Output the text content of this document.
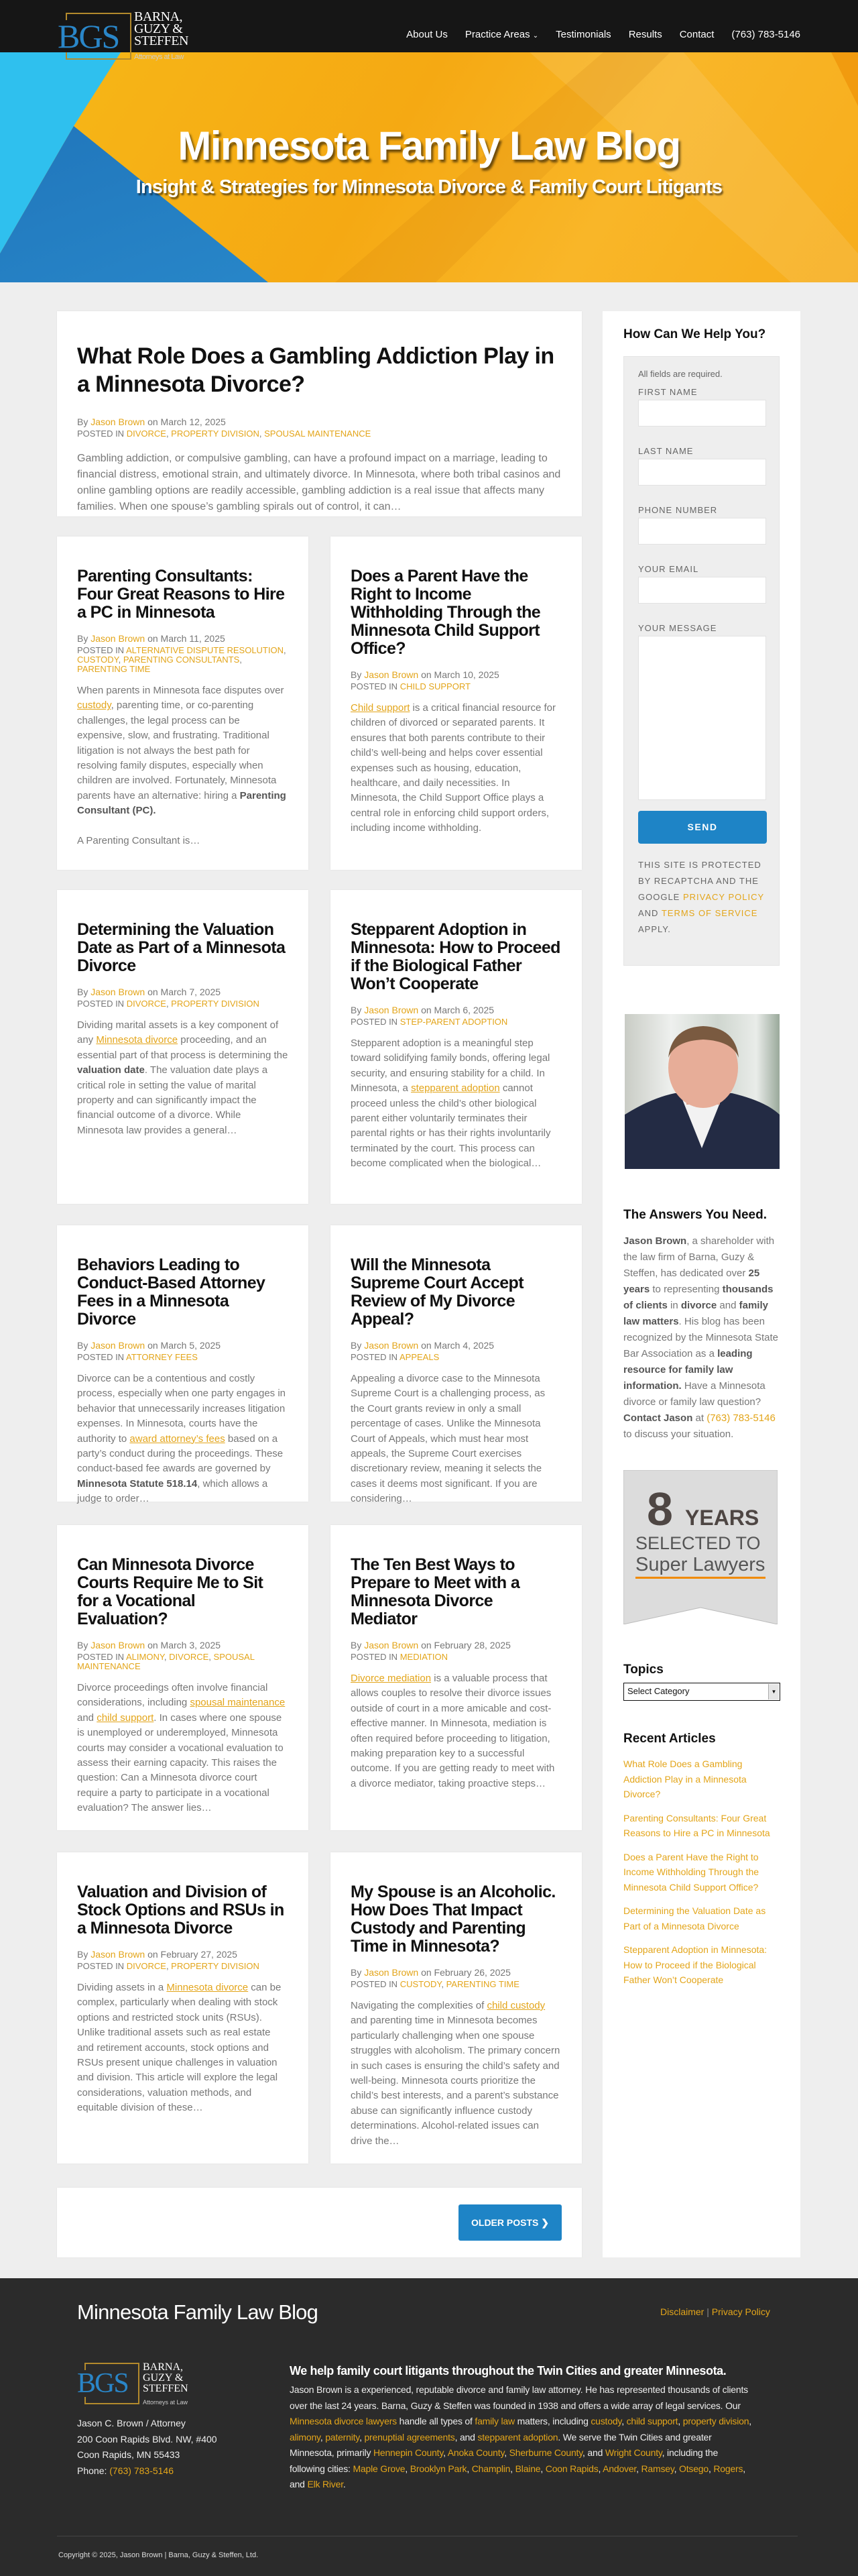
BGS
BARNA,
GUZY &
STEFFEN
Attorneys at Law
About Us Practice Areas ⌄ Testimonials Results Contact (763) 783-5146
Minnesota Family Law Blog
Insight & Strategies for Minnesota Divorce & Family Court Litigants
What Role Does a Gambling Addiction Play in a Minnesota Divorce?
By Jason Brown on March 12, 2025
POSTED IN DIVORCE, PROPERTY DIVISION, SPOUSAL MAINTENANCE

Gambling addiction, or compulsive gambling, can have a profound impact on a marriage, leading to financial distress, emotional strain, and ultimately divorce. In Minnesota, where both tribal casinos and online gambling options are readily accessible, gambling addiction is a real issue that affects many families. When one spouse’s gambling spirals out of control, it can…

Parenting Consultants: Four Great Reasons to Hire a PC in Minnesota
By Jason Brown on March 11, 2025
POSTED IN ALTERNATIVE DISPUTE RESOLUTION, CUSTODY, PARENTING CONSULTANTS, PARENTING TIME

When parents in Minnesota face disputes over custody, parenting time, or co-parenting challenges, the legal process can be expensive, slow, and frustrating. Traditional litigation is not always the best path for resolving family disputes, especially when children are involved. Fortunately, Minnesota parents have an alternative: hiring a Parenting Consultant (PC).

A Parenting Consultant is…

Does a Parent Have the Right to Income Withholding Through the Minnesota Child Support Office?
By Jason Brown on March 10, 2025
POSTED IN CHILD SUPPORT

Child support is a critical financial resource for children of divorced or separated parents. It ensures that both parents contribute to their child’s well-being and helps cover essential expenses such as housing, education, healthcare, and daily necessities. In Minnesota, the Child Support Office plays a central role in enforcing child support orders, including income withholding.

Determining the Valuation Date as Part of a Minnesota Divorce
By Jason Brown on March 7, 2025
POSTED IN DIVORCE, PROPERTY DIVISION

Dividing marital assets is a key component of any Minnesota divorce proceeding, and an essential part of that process is determining the valuation date. The valuation date plays a critical role in setting the value of marital property and can significantly impact the financial outcome of a divorce. While Minnesota law provides a general…

Stepparent Adoption in Minnesota: How to Proceed if the Biological Father Won’t Cooperate
By Jason Brown on March 6, 2025
POSTED IN STEP-PARENT ADOPTION

Stepparent adoption is a meaningful step toward solidifying family bonds, offering legal security, and ensuring stability for a child. In Minnesota, a stepparent adoption cannot proceed unless the child’s other biological parent either voluntarily terminates their parental rights or has their rights involuntarily terminated by the court. This process can become complicated when the biological…

Behaviors Leading to Conduct-Based Attorney Fees in a Minnesota Divorce
By Jason Brown on March 5, 2025
POSTED IN ATTORNEY FEES

Divorce can be a contentious and costly process, especially when one party engages in behavior that unnecessarily increases litigation expenses. In Minnesota, courts have the authority to award attorney’s fees based on a party’s conduct during the proceedings. These conduct-based fee awards are governed by Minnesota Statute 518.14, which allows a judge to order…

Will the Minnesota Supreme Court Accept Review of My Divorce Appeal?
By Jason Brown on March 4, 2025
POSTED IN APPEALS

Appealing a divorce case to the Minnesota Supreme Court is a challenging process, as the Court grants review in only a small percentage of cases. Unlike the Minnesota Court of Appeals, which must hear most appeals, the Supreme Court exercises discretionary review, meaning it selects the cases it deems most significant. If you are considering…

Can Minnesota Divorce Courts Require Me to Sit for a Vocational Evaluation?
By Jason Brown on March 3, 2025
POSTED IN ALIMONY, DIVORCE, SPOUSAL MAINTENANCE

Divorce proceedings often involve financial considerations, including spousal maintenance and child support. In cases where one spouse is unemployed or underemployed, Minnesota courts may consider a vocational evaluation to assess their earning capacity. This raises the question: Can a Minnesota divorce court require a party to participate in a vocational evaluation? The answer lies…

The Ten Best Ways to Prepare to Meet with a Minnesota Divorce Mediator
By Jason Brown on February 28, 2025
POSTED IN MEDIATION

Divorce mediation is a valuable process that allows couples to resolve their divorce issues outside of court in a more amicable and cost-effective manner. In Minnesota, mediation is often required before proceeding to litigation, making preparation key to a successful outcome. If you are getting ready to meet with a divorce mediator, taking proactive steps…

Valuation and Division of Stock Options and RSUs in a Minnesota Divorce
By Jason Brown on February 27, 2025
POSTED IN DIVORCE, PROPERTY DIVISION

Dividing assets in a Minnesota divorce can be complex, particularly when dealing with stock options and restricted stock units (RSUs). Unlike traditional assets such as real estate and retirement accounts, stock options and RSUs present unique challenges in valuation and division. This article will explore the legal considerations, valuation methods, and equitable division of these…

My Spouse is an Alcoholic. How Does That Impact Custody and Parenting Time in Minnesota?
By Jason Brown on February 26, 2025
POSTED IN CUSTODY, PARENTING TIME

Navigating the complexities of child custody and parenting time in Minnesota becomes particularly challenging when one spouse struggles with alcoholism. The primary concern in such cases is ensuring the child’s safety and well-being. Minnesota courts prioritize the child’s best interests, and a parent’s substance abuse can significantly influence custody determinations. Alcohol-related issues can drive the…

OLDER POSTS ❯
How Can We Help You?
All fields are required.
FIRST NAME
LAST NAME
PHONE NUMBER
YOUR EMAIL
YOUR MESSAGE
SEND
THIS SITE IS PROTECTED BY RECAPTCHA AND THE GOOGLE PRIVACY POLICY AND TERMS OF SERVICE APPLY.
The Answers You Need.
Jason Brown, a shareholder with the law firm of Barna, Guzy & Steffen, has dedicated over 25 years to representing thousands of clients in divorce and family law matters. His blog has been recognized by the Minnesota State Bar Association as a leading resource for family law information. Have a Minnesota divorce or family law question? Contact Jason at (763) 783-5146 to discuss your situation.
8 YEARS
SELECTED TO
Super Lawyers
Topics
Select Category	▼
Recent Articles
What Role Does a Gambling Addiction Play in a Minnesota Divorce?
Parenting Consultants: Four Great Reasons to Hire a PC in Minnesota
Does a Parent Have the Right to Income Withholding Through the Minnesota Child Support Office?
Determining the Valuation Date as Part of a Minnesota Divorce
Stepparent Adoption in Minnesota: How to Proceed if the Biological Father Won’t Cooperate
Minnesota Family Law Blog	Disclaimer | Privacy Policy
BGS
BARNA,
GUZY &
STEFFEN
Attorneys at Law
Jason C. Brown / Attorney
200 Coon Rapids Blvd. NW, #400
Coon Rapids, MN 55433
Phone: (763) 783-5146
We help family court litigants throughout the Twin Cities and greater Minnesota.
Jason Brown is a experienced, reputable divorce and family law attorney. He has represented thousands of clients over the last 24 years. Barna, Guzy & Steffen was founded in 1938 and offers a wide array of legal services. Our Minnesota divorce lawyers handle all types of family law matters, including custody, child support, property division, alimony, paternity, prenuptial agreements, and stepparent adoption. We serve the Twin Cities and greater Minnesota, primarily Hennepin County, Anoka County, Sherburne County, and Wright County, including the following cities: Maple Grove, Brooklyn Park, Champlin, Blaine, Coon Rapids, Andover, Ramsey, Otsego, Rogers, and Elk River.
Copyright © 2025, Jason Brown | Barna, Guzy & Steffen, Ltd.
